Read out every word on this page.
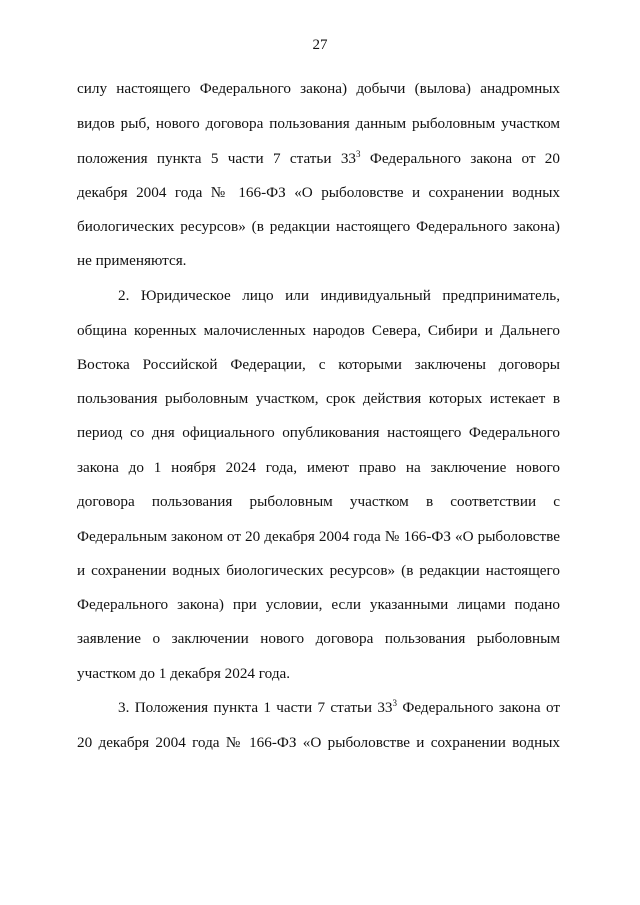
27
силу настоящего Федерального закона) добычи (вылова) анадромных
видов рыб, нового договора пользования данным рыболовным участком
положения пункта 5 части 7 статьи $33^3$ Федерального закона от 20
декабря 2004 года № 166-ФЗ «О рыболовстве и сохранении водных
биологических ресурсов» (в редакции настоящего Федерального закона)
не применяются.
2. Юридическое лицо или индивидуальный предприниматель,
община коренных малочисленных народов Севера, Сибири и Дальнего
Востока Российской Федерации, с которыми заключены договоры
пользования рыболовным участком, срок действия которых истекает в
период со дня официального опубликования настоящего Федерального
закона до 1 ноября 2024 года, имеют право на заключение нового
договора пользования рыболовным участком в соответствии с
Федеральным законом от 20 декабря 2004 года № 166-ФЗ «О рыболовстве
и сохранении водных биологических ресурсов» (в редакции настоящего
Федерального закона) при условии, если указанными лицами подано
заявление о заключении нового договора пользования рыболовным
участком до 1 декабря 2024 года.
3. Положения пункта 1 части 7 статьи $33^3$ Федерального закона от
20 декабря 2004 года № 166-ФЗ «О рыболовстве и сохранении водных
